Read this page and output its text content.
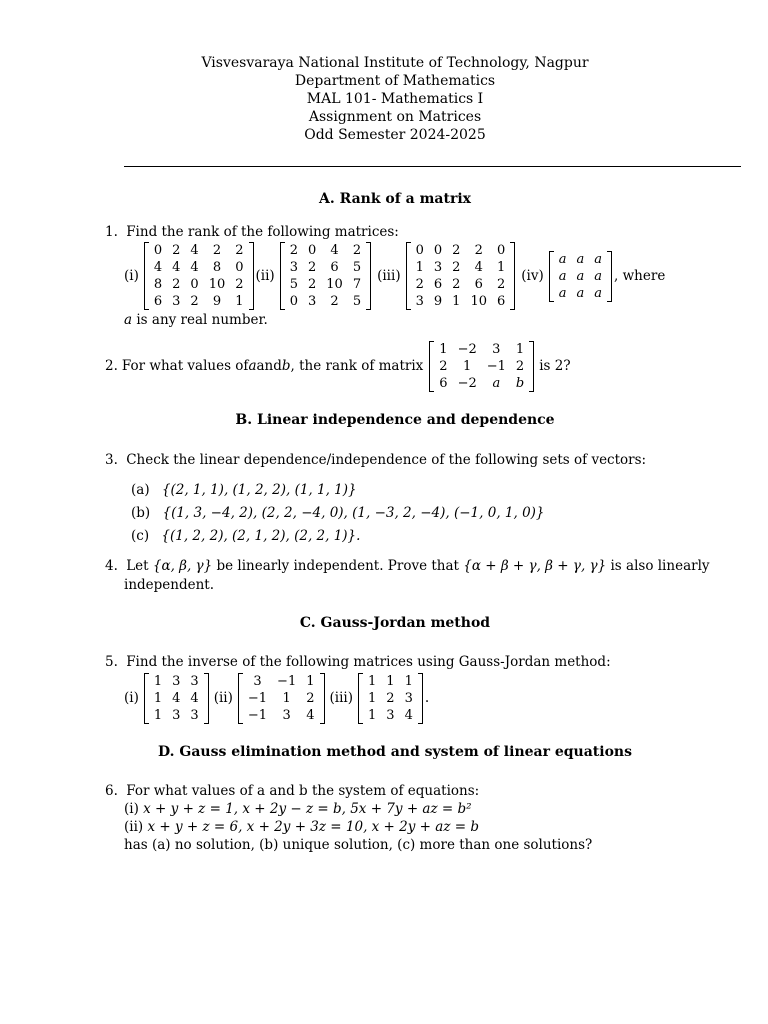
Visvesvaraya National Institute of Technology, Nagpur
Department of Mathematics
MAL 101- Mathematics I
Assignment on Matrices
Odd Semester 2024-2025
A. Rank of a matrix
1. Find the rank of the following matrices:
(i)
0	2	4	2	2
4	4	4	8	0
8	2	0	10	2
6	3	2	9	1
(ii)
2	0	4	2
3	2	6	5
5	2	10	7
0	3	2	5
(iii)
0	0	2	2	0
1	3	2	4	1
2	6	2	6	2
3	9	1	10	6
(iv)
a	a	a
a	a	a
a	a	a
, where
a is any real number.
2. For what values of a and b , the rank of matrix
1	−2	3	1
2	1	−1	2
6	−2	a	b
is 2?
B. Linear independence and dependence
3. Check the linear dependence/independence of the following sets of vectors:
(a) {(2, 1, 1), (1, 2, 2), (1, 1, 1)}
(b) {(1, 3, −4, 2), (2, 2, −4, 0), (1, −3, 2, −4), (−1, 0, 1, 0)}
(c) {(1, 2, 2), (2, 1, 2), (2, 2, 1)}.
4. Let {α, β, γ} be linearly independent. Prove that {α + β + γ, β + γ, γ} is also linearly
independent.
C. Gauss-Jordan method
5. Find the inverse of the following matrices using Gauss-Jordan method:
(i)
1	3	3
1	4	4
1	3	3
(ii)
3	−1	1
−1	1	2
−1	3	4
(iii)
1	1	1
1	2	3
1	3	4
.
D. Gauss elimination method and system of linear equations
6. For what values of a and b the system of equations:
(i) x + y + z = 1, x + 2y − z = b, 5x + 7y + az = b²
(ii) x + y + z = 6, x + 2y + 3z = 10, x + 2y + az = b
has (a) no solution, (b) unique solution, (c) more than one solutions?
